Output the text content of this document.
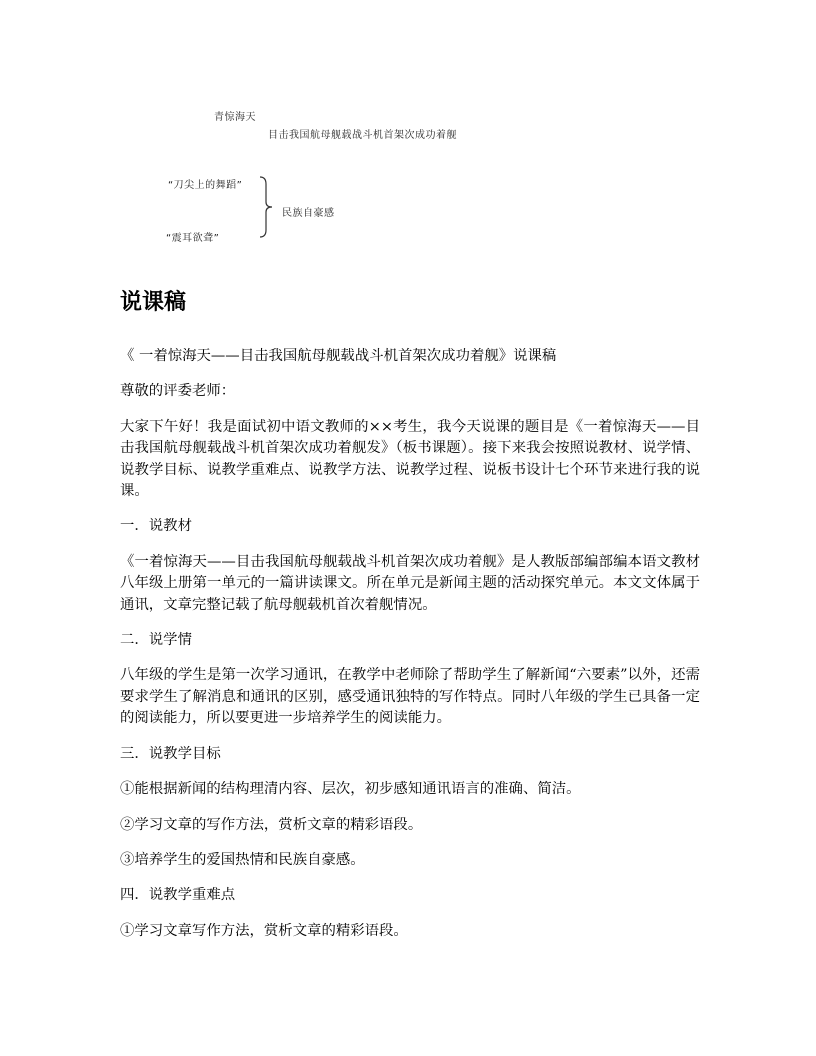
青惊海天
目击我国航母舰载战斗机首架次成功着舰
“刀尖上的舞蹈”
“震耳欲聋”
民族自豪感
说课稿

《 一着惊海天——目击我国航母舰载战斗机首架次成功着舰》说课稿

尊敬的评委老师：

大家下午好！我是面试初中语文教师的××考生，我今天说课的题目是《一着惊海天——目击我国航母舰载战斗机首架次成功着舰发》（板书课题）。接下来我会按照说教材、说学情、说教学目标、说教学重难点、说教学方法、说教学过程、说板书设计七个环节来进行我的说课。

一．说教材

《一着惊海天——目击我国航母舰载战斗机首架次成功着舰》是人教版部编部编本语文教材八年级上册第一单元的一篇讲读课文。所在单元是新闻主题的活动探究单元。本文文体属于通讯，文章完整记载了航母舰载机首次着舰情况。

二．说学情

八年级的学生是第一次学习通讯，在教学中老师除了帮助学生了解新闻“六要素”以外，还需要求学生了解消息和通讯的区别，感受通讯独特的写作特点。同时八年级的学生已具备一定的阅读能力，所以要更进一步培养学生的阅读能力。

三．说教学目标

①能根据新闻的结构理清内容、层次，初步感知通讯语言的准确、简洁。

②学习文章的写作方法，赏析文章的精彩语段。

③培养学生的爱国热情和民族自豪感。

四．说教学重难点

①学习文章写作方法，赏析文章的精彩语段。
